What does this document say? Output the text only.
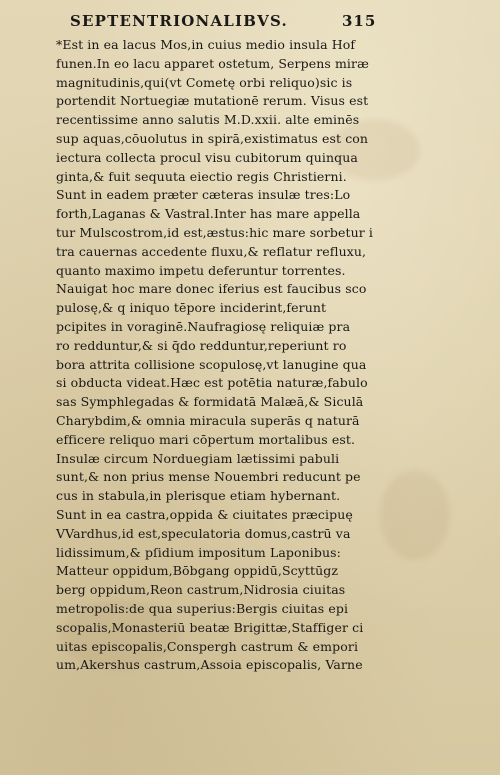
SEPTENTRIONALIBVS.	315
*Est in ea lacus Mos,in cuius medio insula Hof
funen.In eo lacu apparet ostetum, Serpens miræ
magnitudinis,qui(vt Cometę orbi reliquo)sic is
portendit Nortuegiæ mutationē rerum. Visus est
recentissime anno salutis M.D.xxii. alte eminēs
sup aquas,cōuolutus in spirā,existimatus est con
iectura collecta procul visu cubitorum quinqua
ginta,& fuit sequuta eiectio regis Christierni.
Sunt in eadem præter cæteras insulæ tres:Lo
forth,Laganas & Vastral.Inter has mare appella
tur Mulscostrom,id est,æstus:hic mare sorbetur i
tra cauernas accedente fluxu,& reflatur refluxu,
quanto maximo impetu deferuntur torrentes.
Nauigat hoc mare donec iferius est faucibus sco
pulosę,& q iniquo tēpore inciderint,ferunt
pcipites in voraginē.Naufragiosę reliquiæ pra
ro redduntur,& si q̄do redduntur,reperiunt ro
bora attrita collisione scopulosę,vt lanugine qua
si obducta videat.Hæc est potētia naturæ,fabulo
sas Symphlegadas & formidatā Malæā,& Siculā
Charybdim,& omnia miracula superās q naturā
efficere reliquo mari cōpertum mortalibus est.
Insulæ circum Norduegiam lætissimi pabuli
sunt,& non prius mense Nouembri reducunt pe
cus in stabula,in plerisque etiam hybernant.
Sunt in ea castra,oppida & ciuitates præcipuę
VVardhus,id est,speculatoria domus,castrū va
lidissimum,& pſidium impositum Laponibus:
Matteur oppidum,Bōbgang oppidū,Scyttūgz
berg oppidum,Reon castrum,Nidrosia ciuitas
metropolis:de qua superius:Bergis ciuitas epi
scopalis,Monasteriū beatæ Brigittæ,Staffiger ci
uitas episcopalis,Conspergh castrum & empori
um,Akershus castrum,Assoia episcopalis, Varne
